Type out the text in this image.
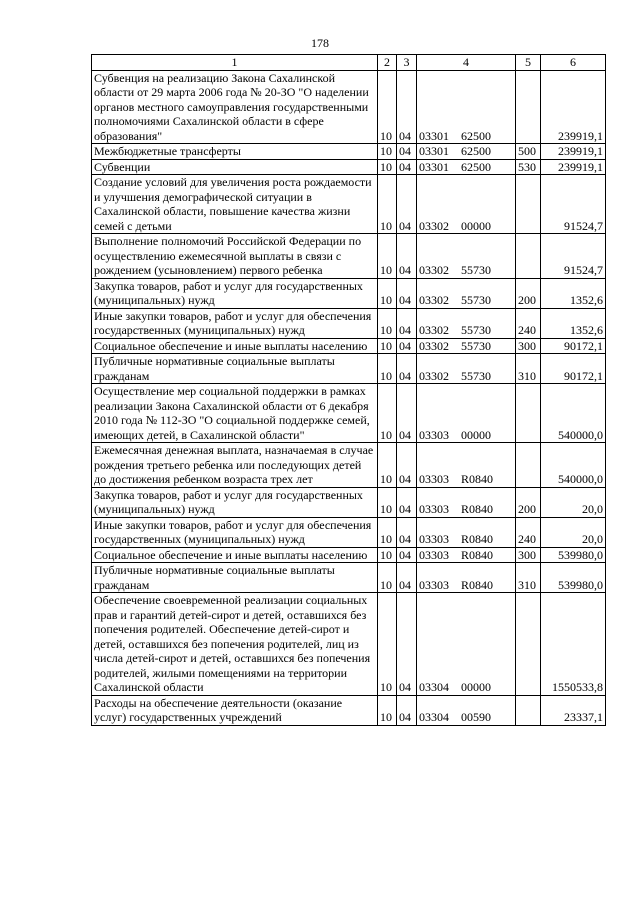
178
1	2	3	4	5	6
Субвенция на реализацию Закона Сахалинской области от 29 марта 2006 года № 20-ЗО "О наделении органов местного самоуправления государственными полномочиями Сахалинской области в сфере образования"	10	04	03301 62500		239919,1
Межбюджетные трансферты	10	04	03301 62500	500	239919,1
Субвенции	10	04	03301 62500	530	239919,1
Создание условий для увеличения роста рождаемости и улучшения демографической ситуации в Сахалинской области, повышение качества жизни семей с детьми	10	04	03302 00000		91524,7
Выполнение полномочий Российской Федерации по осуществлению ежемесячной выплаты в связи с рождением (усыновлением) первого ребенка	10	04	03302 55730		91524,7
Закупка товаров, работ и услуг для государственных (муниципальных) нужд	10	04	03302 55730	200	1352,6
Иные закупки товаров, работ и услуг для обеспечения государственных (муниципальных) нужд	10	04	03302 55730	240	1352,6
Социальное обеспечение и иные выплаты населению	10	04	03302 55730	300	90172,1
Публичные нормативные социальные выплаты гражданам	10	04	03302 55730	310	90172,1
Осуществление мер социальной поддержки в рамках реализации Закона Сахалинской области от 6 декабря 2010 года № 112-ЗО "О социальной поддержке семей, имеющих детей, в Сахалинской области"	10	04	03303 00000		540000,0
Ежемесячная денежная выплата, назначаемая в случае рождения третьего ребенка или последующих детей до достижения ребенком возраста трех лет	10	04	03303 R0840		540000,0
Закупка товаров, работ и услуг для государственных (муниципальных) нужд	10	04	03303 R0840	200	20,0
Иные закупки товаров, работ и услуг для обеспечения государственных (муниципальных) нужд	10	04	03303 R0840	240	20,0
Социальное обеспечение и иные выплаты населению	10	04	03303 R0840	300	539980,0
Публичные нормативные социальные выплаты гражданам	10	04	03303 R0840	310	539980,0
Обеспечение своевременной реализации социальных прав и гарантий детей-сирот и детей, оставшихся без попечения родителей. Обеспечение детей-сирот и детей, оставшихся без попечения родителей, лиц из числа детей-сирот и детей, оставшихся без попечения родителей, жилыми помещениями на территории Сахалинской области	10	04	03304 00000		1550533,8
Расходы на обеспечение деятельности (оказание услуг) государственных учреждений	10	04	03304 00590		23337,1
